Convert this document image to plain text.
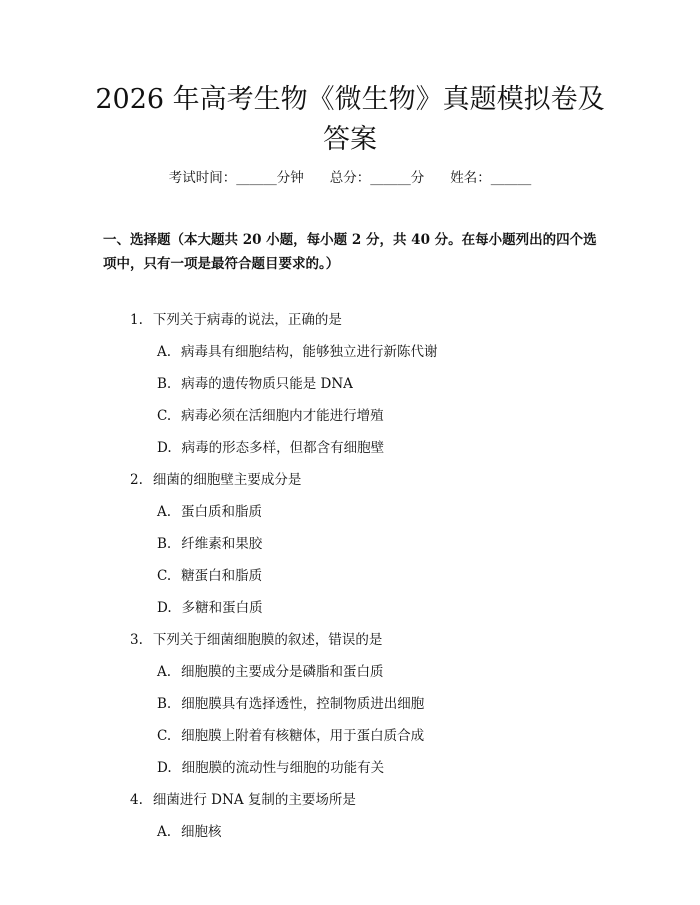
2026 年高考生物《微生物》真题模拟卷及答案
考试时间：______分钟 总分：______分 姓名：______

一、选择题（本大题共 20 小题，每小题 2 分，共 40 分。在每小题列出的四个选项中，只有一项是最符合题目要求的。）

1. 下列关于病毒的说法，正确的是
A. 病毒具有细胞结构，能够独立进行新陈代谢
B. 病毒的遗传物质只能是 DNA
C. 病毒必须在活细胞内才能进行增殖
D. 病毒的形态多样，但都含有细胞壁
2. 细菌的细胞壁主要成分是
A. 蛋白质和脂质
B. 纤维素和果胶
C. 糖蛋白和脂质
D. 多糖和蛋白质
3. 下列关于细菌细胞膜的叙述，错误的是
A. 细胞膜的主要成分是磷脂和蛋白质
B. 细胞膜具有选择透性，控制物质进出细胞
C. 细胞膜上附着有核糖体，用于蛋白质合成
D. 细胞膜的流动性与细胞的功能有关
4. 细菌进行 DNA 复制的主要场所是
A. 细胞核
